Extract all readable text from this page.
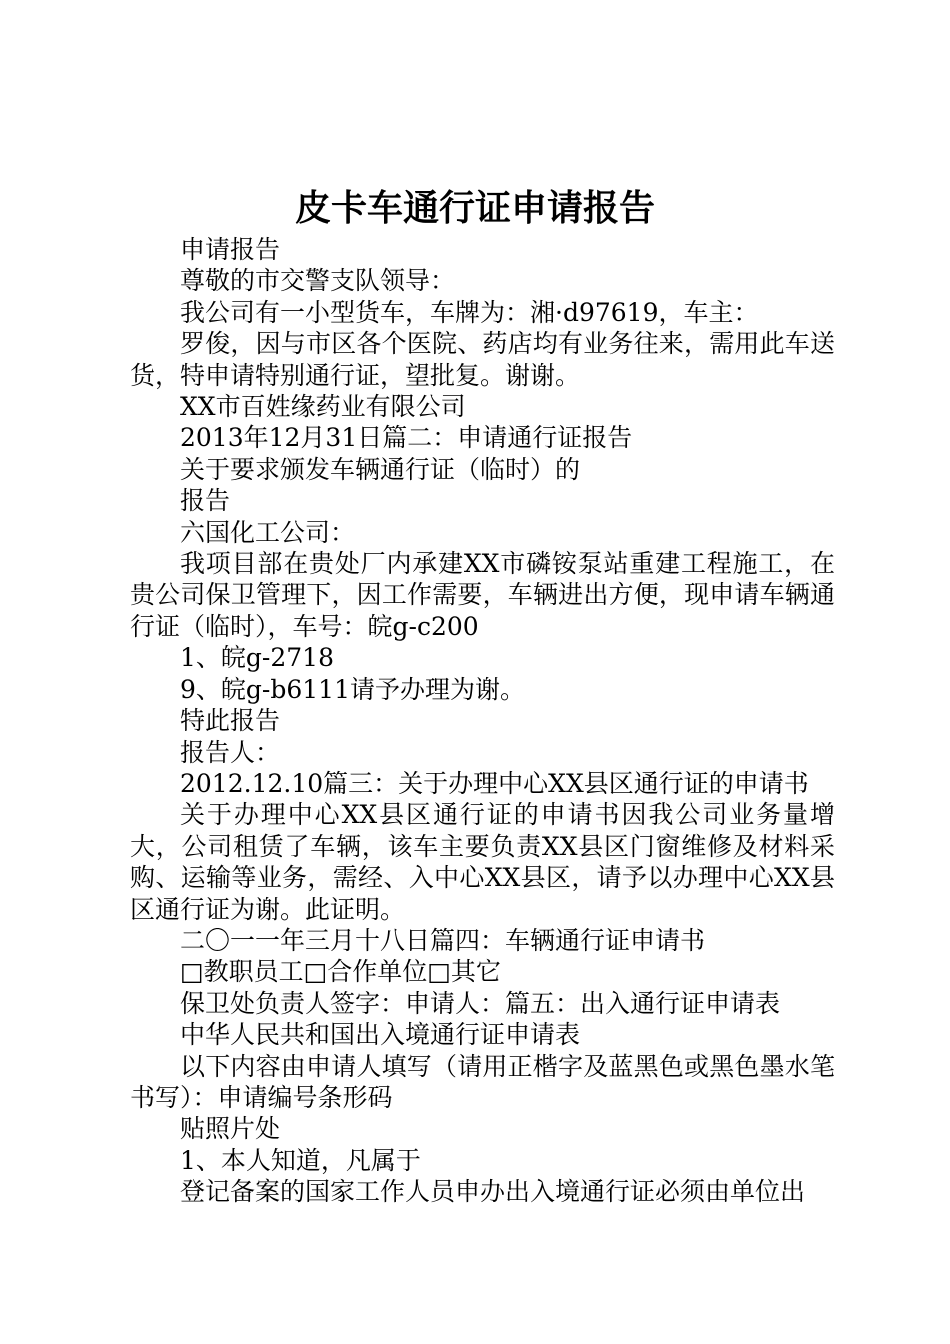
皮卡车通行证申请报告

申请报告

尊敬的市交警支队领导：

我公司有一小型货车，车牌为：湘·d97619，车主：

罗俊，因与市区各个医院、药店均有业务往来，需用此车送货，特申请特别通行证，望批复。谢谢。

XX市百姓缘药业有限公司

2013年12月31日篇二：申请通行证报告

关于要求颁发车辆通行证（临时）的

报告

六国化工公司：

我项目部在贵处厂内承建XX市磷铵泵站重建工程施工，在贵公司保卫管理下，因工作需要，车辆进出方便，现申请车辆通行证（临时），车号：皖g-c200

1、皖g-2718

9、皖g-b6111请予办理为谢。

特此报告

报告人：

2012.12.10篇三：关于办理中心XX县区通行证的申请书

关于办理中心XX县区通行证的申请书因我公司业务量增大，公司租赁了车辆，该车主要负责XX县区门窗维修及材料采购、运输等业务，需经、入中心XX县区，请予以办理中心XX县区通行证为谢。此证明。

二〇一一年三月十八日篇四：车辆通行证申请书

□教职员工□合作单位□其它

保卫处负责人签字：申请人：篇五：出入通行证申请表

中华人民共和国出入境通行证申请表

以下内容由申请人填写（请用正楷字及蓝黑色或黑色墨水笔书写）：申请编号条形码

贴照片处

1、本人知道，凡属于

登记备案的国家工作人员申办出入境通行证必须由单位出
